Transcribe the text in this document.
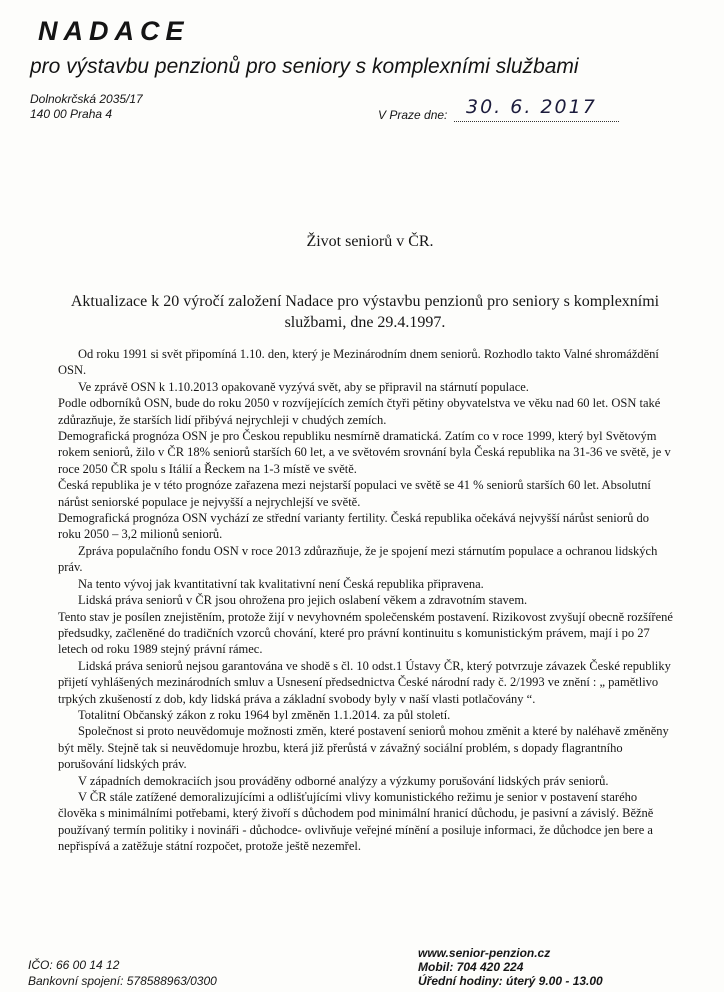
NADACE
pro výstavbu penzionů pro seniory s komplexními službami
Dolnokrčská 2035/17
140 00 Praha 4	V Praze dne: 30. 6. 2017
Život seniorů v ČR.
Aktualizace k 20 výročí založení Nadace pro výstavbu penzionů pro seniory s komplexními službami, dne 29.4.1997.

Od roku 1991 si svět připomíná 1.10. den, který je Mezinárodním dnem seniorů. Rozhodlo takto Valné shromáždění OSN.

Ve zprávě OSN k 1.10.2013 opakovaně vyzývá svět, aby se připravil na stárnutí populace.

Podle odborníků OSN, bude do roku 2050 v rozvíjejících zemích čtyři pětiny obyvatelstva ve věku nad 60 let. OSN také zdůrazňuje, že starších lidí přibývá nejrychleji v chudých zemích.

Demografická prognóza OSN je pro Českou republiku nesmírně dramatická. Zatím co v roce 1999, který byl Světovým rokem seniorů, žilo v ČR 18% seniorů starších 60 let, a ve světovém srovnání byla Česká republika na 31-36 ve světě, je v roce 2050 ČR spolu s Itálií a Řeckem na 1-3 místě ve světě.

Česká republika je v této prognóze zařazena mezi nejstarší populaci ve světě se 41 % seniorů starších 60 let. Absolutní nárůst seniorské populace je nejvyšší a nejrychlejší ve světě.

Demografická prognóza OSN vychází ze střední varianty fertility. Česká republika očekává nejvyšší nárůst seniorů do roku 2050 – 3,2 milionů seniorů.

Zpráva populačního fondu OSN v roce 2013 zdůrazňuje, že je spojení mezi stárnutím populace a ochranou lidských práv.

Na tento vývoj jak kvantitativní tak kvalitativní není Česká republika připravena.

Lidská práva seniorů v ČR jsou ohrožena pro jejich oslabení věkem a zdravotním stavem.

Tento stav je posílen znejistěním, protože žijí v nevyhovném společenském postavení. Rizikovost zvyšují obecně rozšířené předsudky, začleněné do tradičních vzorců chování, které pro právní kontinuitu s komunistickým právem, mají i po 27 letech od roku 1989 stejný právní rámec.

Lidská práva seniorů nejsou garantována ve shodě s čl. 10 odst.1 Ústavy ČR, který potvrzuje závazek České republiky přijetí vyhlášených mezinárodních smluv a Usnesení předsednictva České národní rady č. 2/1993 ve znění : „ pamětlivo trpkých zkušeností z dob, kdy lidská práva a základní svobody byly v naší vlasti potlačovány “.

Totalitní Občanský zákon z roku 1964 byl změněn 1.1.2014. za půl století.

Společnost si proto neuvědomuje možnosti změn, které postavení seniorů mohou změnit a které by naléhavě změněny být měly. Stejně tak si neuvědomuje hrozbu, která již přerůstá v závažný sociální problém, s dopady flagrantního porušování lidských práv.

V západních demokraciích jsou prováděny odborné analýzy a výzkumy porušování lidských práv seniorů.

V ČR stále zatížené demoralizujícími a odlišťujícími vlivy komunistického režimu je senior v postavení starého člověka s minimálními potřebami, který živoří s důchodem pod minimální hranicí důchodu, je pasivní a závislý. Běžně používaný termín politiky i novináři - důchodce- ovlivňuje veřejné mínění a posiluje informaci, že důchodce jen bere a nepřispívá a zatěžuje státní rozpočet, protože ještě nezemřel.

IČO: 66 00 14 12
Bankovní spojení: 578588963/0300
www.senior-penzion.cz
Mobil: 704 420 224
Úřední hodiny: úterý 9.00 - 13.00
